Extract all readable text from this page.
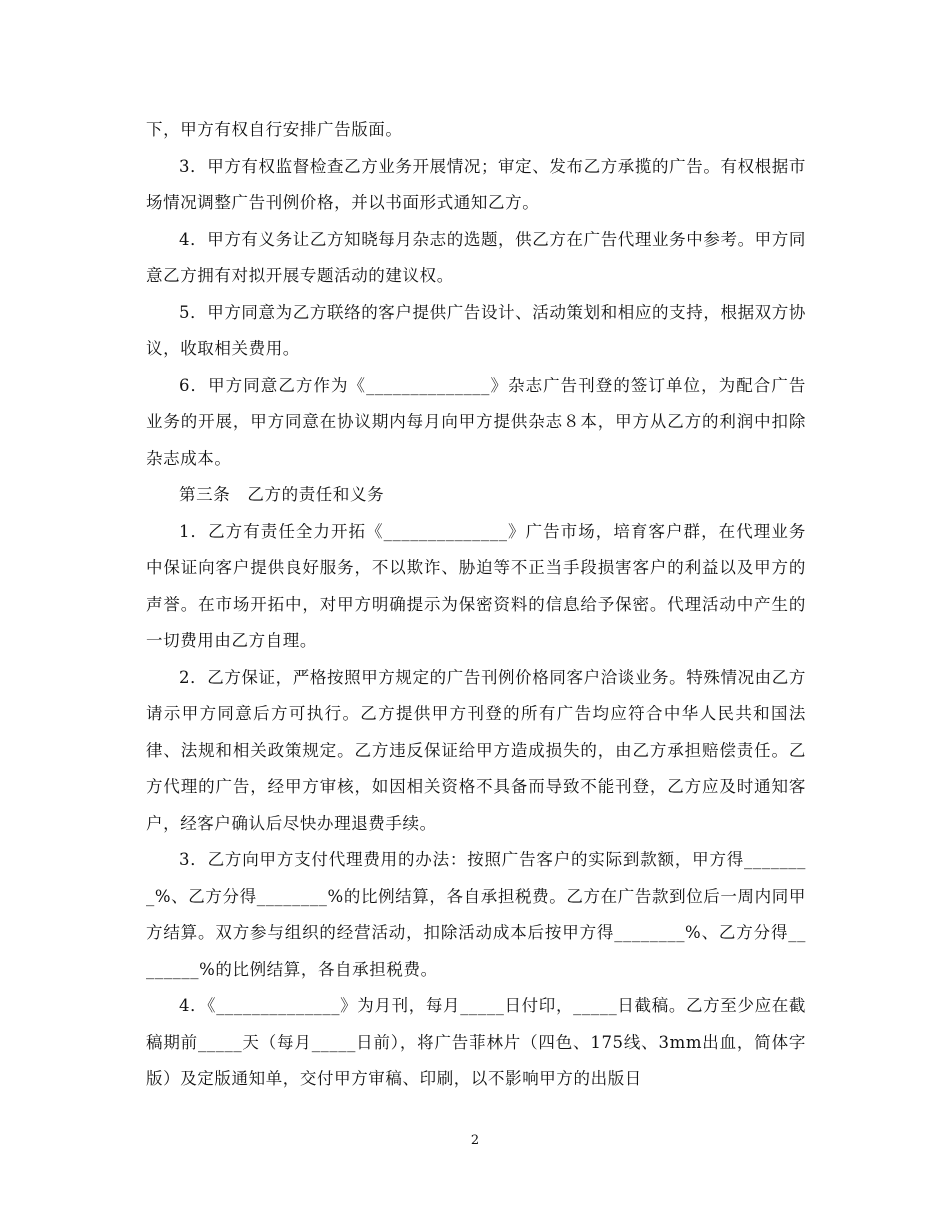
下，甲方有权自行安排广告版面。

3．甲方有权监督检查乙方业务开展情况；审定、发布乙方承揽的广告。有权根据市场情况调整广告刊例价格，并以书面形式通知乙方。

4．甲方有义务让乙方知晓每月杂志的选题，供乙方在广告代理业务中参考。甲方同意乙方拥有对拟开展专题活动的建议权。

5．甲方同意为乙方联络的客户提供广告设计、活动策划和相应的支持，根据双方协议，收取相关费用。

6．甲方同意乙方作为《______________》杂志广告刊登的签订单位，为配合广告业务的开展，甲方同意在协议期内每月向甲方提供杂志８本，甲方从乙方的利润中扣除杂志成本。

第三条　乙方的责任和义务

1．乙方有责任全力开拓《______________》广告市场，培育客户群，在代理业务中保证向客户提供良好服务，不以欺诈、胁迫等不正当手段损害客户的利益以及甲方的声誉。在市场开拓中，对甲方明确提示为保密资料的信息给予保密。代理活动中产生的一切费用由乙方自理。

2．乙方保证，严格按照甲方规定的广告刊例价格同客户洽谈业务。特殊情况由乙方请示甲方同意后方可执行。乙方提供甲方刊登的所有广告均应符合中华人民共和国法律、法规和相关政策规定。乙方违反保证给甲方造成损失的，由乙方承担赔偿责任。乙方代理的广告，经甲方审核，如因相关资格不具备而导致不能刊登，乙方应及时通知客户，经客户确认后尽快办理退费手续。

3．乙方向甲方支付代理费用的办法：按照广告客户的实际到款额，甲方得________%、乙方分得________%的比例结算，各自承担税费。乙方在广告款到位后一周内同甲方结算。双方参与组织的经营活动，扣除活动成本后按甲方得________%、乙方分得________%的比例结算，各自承担税费。

4．《______________》为月刊，每月_____日付印，_____日截稿。乙方至少应在截稿期前_____天（每月_____日前），将广告菲林片（四色、175线、3mm出血，简体字版）及定版通知单，交付甲方审稿、印刷，以不影响甲方的出版日

2
